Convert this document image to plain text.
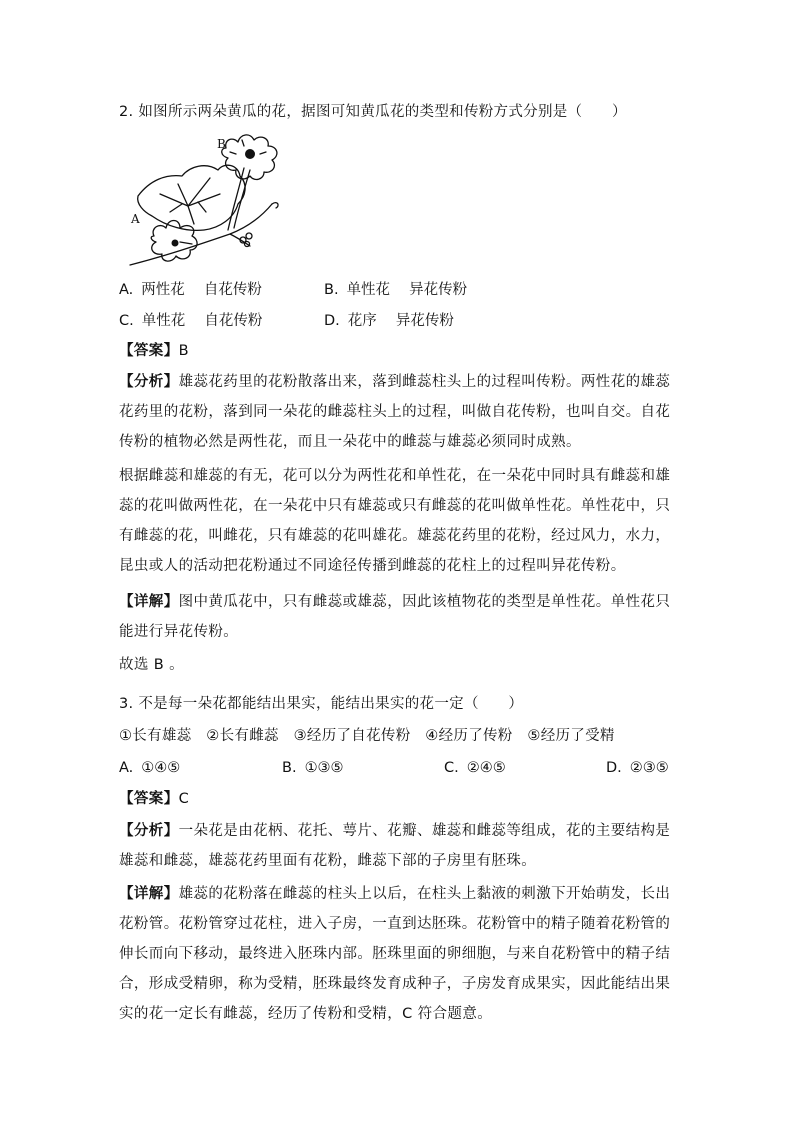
2. 如图所示两朵黄瓜的花，据图可知黄瓜花的类型和传粉方式分别是（　　）
B
A
A. 两性花　 自花传粉	B. 单性花　 异花传粉
C. 单性花　 自花传粉	D. 花序　 异花传粉
【答案】B
【分析】雄蕊花药里的花粉散落出来，落到雌蕊柱头上的过程叫传粉。两性花的雄蕊花药里的花粉，落到同一朵花的雌蕊柱头上的过程，叫做自花传粉，也叫自交。自花传粉的植物必然是两性花，而且一朵花中的雌蕊与雄蕊必须同时成熟。
根据雌蕊和雄蕊的有无，花可以分为两性花和单性花，在一朵花中同时具有雌蕊和雄蕊的花叫做两性花，在一朵花中只有雄蕊或只有雌蕊的花叫做单性花。单性花中，只有雌蕊的花，叫雌花，只有雄蕊的花叫雄花。雄蕊花药里的花粉，经过风力，水力，昆虫或人的活动把花粉通过不同途径传播到雌蕊的花柱上的过程叫异花传粉。
【详解】图中黄瓜花中，只有雌蕊或雄蕊，因此该植物花的类型是单性花。单性花只能进行异花传粉。
故选 B 。
3. 不是每一朵花都能结出果实，能结出果实的花一定（　　）
①长有雄蕊　②长有雌蕊　③经历了自花传粉　④经历了传粉　⑤经历了受精
A. ①④⑤	B. ①③⑤	C. ②④⑤	D. ②③⑤
【答案】C
【分析】一朵花是由花柄、花托、萼片、花瓣、雄蕊和雌蕊等组成，花的主要结构是雄蕊和雌蕊，雄蕊花药里面有花粉，雌蕊下部的子房里有胚珠。
【详解】雄蕊的花粉落在雌蕊的柱头上以后，在柱头上黏液的刺激下开始萌发，长出花粉管。花粉管穿过花柱，进入子房，一直到达胚珠。花粉管中的精子随着花粉管的伸长而向下移动，最终进入胚珠内部。胚珠里面的卵细胞，与来自花粉管中的精子结合，形成受精卵，称为受精，胚珠最终发育成种子，子房发育成果实，因此能结出果实的花一定长有雌蕊，经历了传粉和受精，C 符合题意。
